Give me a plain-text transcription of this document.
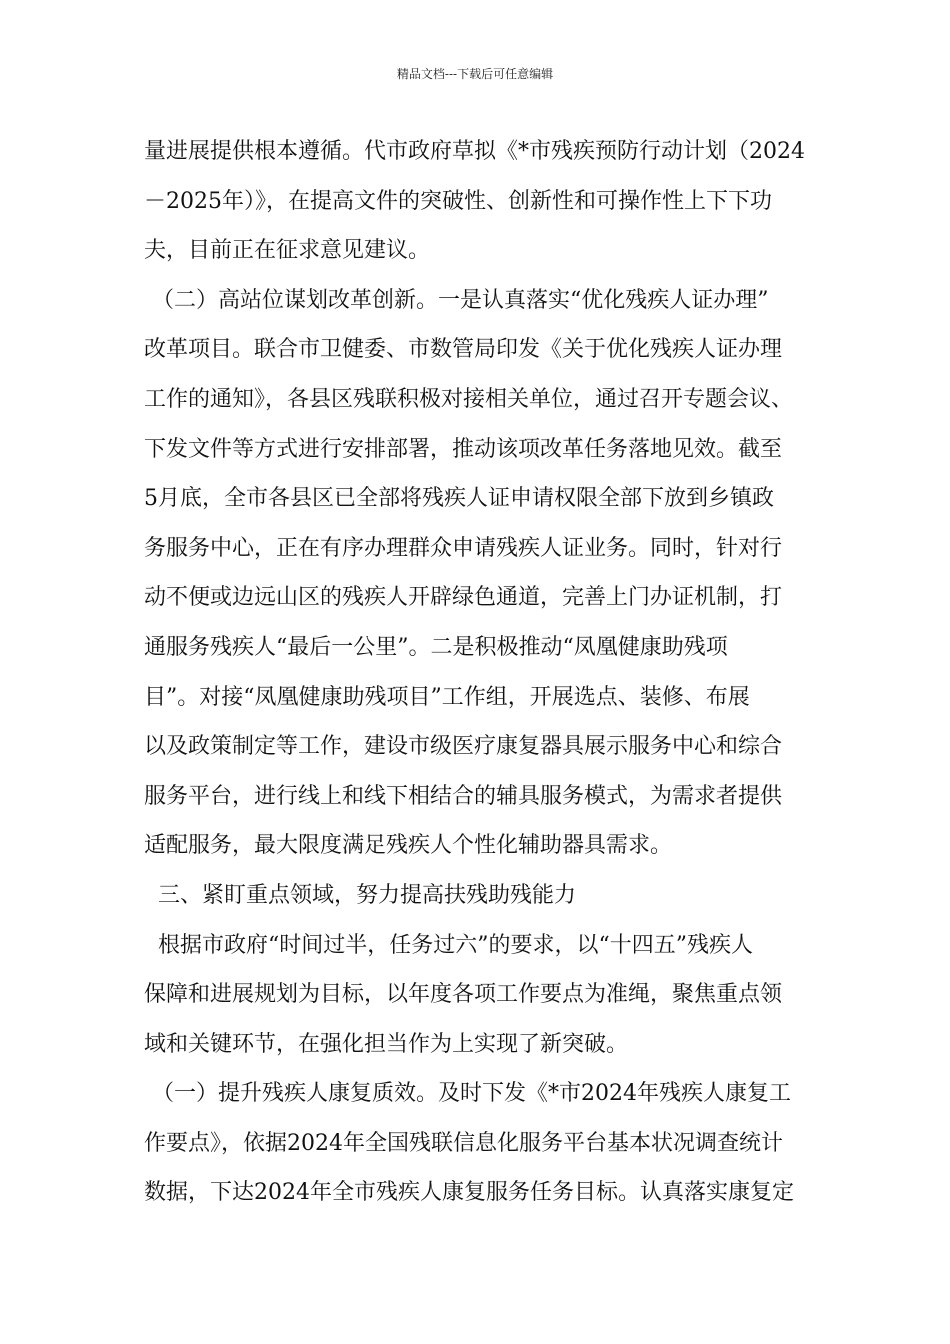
精品文档---下载后可任意编辑
量进展提供根本遵循。代市政府草拟《*市残疾预防行动计划（2024
－2025年）》，在提高文件的突破性、创新性和可操作性上下下功
夫，目前正在征求意见建议。
（二）高站位谋划改革创新。一是认真落实“优化残疾人证办理”
改革项目。联合市卫健委、市数管局印发《关于优化残疾人证办理
工作的通知》，各县区残联积极对接相关单位，通过召开专题会议、
下发文件等方式进行安排部署，推动该项改革任务落地见效。截至
5月底，全市各县区已全部将残疾人证申请权限全部下放到乡镇政
务服务中心，正在有序办理群众申请残疾人证业务。同时，针对行
动不便或边远山区的残疾人开辟绿色通道，完善上门办证机制，打
通服务残疾人“最后一公里”。二是积极推动“凤凰健康助残项
目”。对接“凤凰健康助残项目”工作组，开展选点、装修、布展
以及政策制定等工作，建设市级医疗康复器具展示服务中心和综合
服务平台，进行线上和线下相结合的辅具服务模式，为需求者提供
适配服务，最大限度满足残疾人个性化辅助器具需求。
三、紧盯重点领域，努力提高扶残助残能力
根据市政府“时间过半，任务过六”的要求，以“十四五”残疾人
保障和进展规划为目标，以年度各项工作要点为准绳，聚焦重点领
域和关键环节，在强化担当作为上实现了新突破。
（一）提升残疾人康复质效。及时下发《*市2024年残疾人康复工
作要点》，依据2024年全国残联信息化服务平台基本状况调查统计
数据，下达2024年全市残疾人康复服务任务目标。认真落实康复定
